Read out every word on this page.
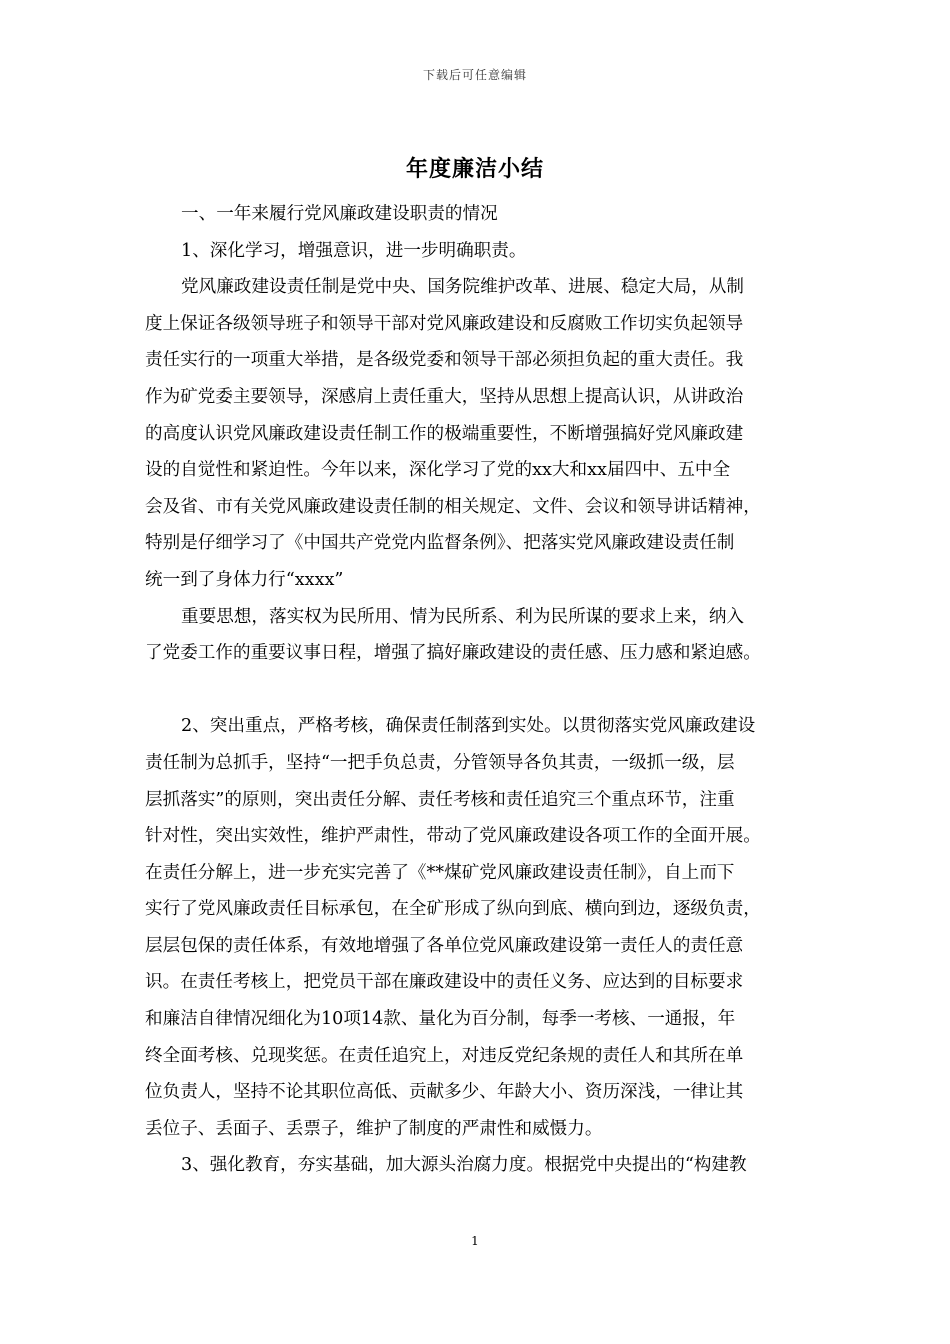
下载后可任意编辑
年度廉洁小结
一、一年来履行党风廉政建设职责的情况
1、深化学习，增强意识，进一步明确职责。
党风廉政建设责任制是党中央、国务院维护改革、进展、稳定大局，从制
度上保证各级领导班子和领导干部对党风廉政建设和反腐败工作切实负起领导
责任实行的一项重大举措，是各级党委和领导干部必须担负起的重大责任。我
作为矿党委主要领导，深感肩上责任重大，坚持从思想上提高认识，从讲政治
的高度认识党风廉政建设责任制工作的极端重要性，不断增强搞好党风廉政建
设的自觉性和紧迫性。今年以来，深化学习了党的xx大和xx届四中、五中全
会及省、市有关党风廉政建设责任制的相关规定、文件、会议和领导讲话精神，
特别是仔细学习了《中国共产党党内监督条例》、把落实党风廉政建设责任制
统一到了身体力行“xxxx”
重要思想，落实权为民所用、情为民所系、利为民所谋的要求上来，纳入
了党委工作的重要议事日程，增强了搞好廉政建设的责任感、压力感和紧迫感。
2、突出重点，严格考核，确保责任制落到实处。以贯彻落实党风廉政建设
责任制为总抓手，坚持“一把手负总责，分管领导各负其责，一级抓一级，层
层抓落实”的原则，突出责任分解、责任考核和责任追究三个重点环节，注重
针对性，突出实效性，维护严肃性，带动了党风廉政建设各项工作的全面开展。
在责任分解上，进一步充实完善了《**煤矿党风廉政建设责任制》，自上而下
实行了党风廉政责任目标承包，在全矿形成了纵向到底、横向到边，逐级负责，
层层包保的责任体系，有效地增强了各单位党风廉政建设第一责任人的责任意
识。在责任考核上，把党员干部在廉政建设中的责任义务、应达到的目标要求
和廉洁自律情况细化为10项14款、量化为百分制，每季一考核、一通报，年
终全面考核、兑现奖惩。在责任追究上，对违反党纪条规的责任人和其所在单
位负责人，坚持不论其职位高低、贡献多少、年龄大小、资历深浅，一律让其
丢位子、丢面子、丢票子，维护了制度的严肃性和威慑力。
3、强化教育，夯实基础，加大源头治腐力度。根据党中央提出的“构建教
1
